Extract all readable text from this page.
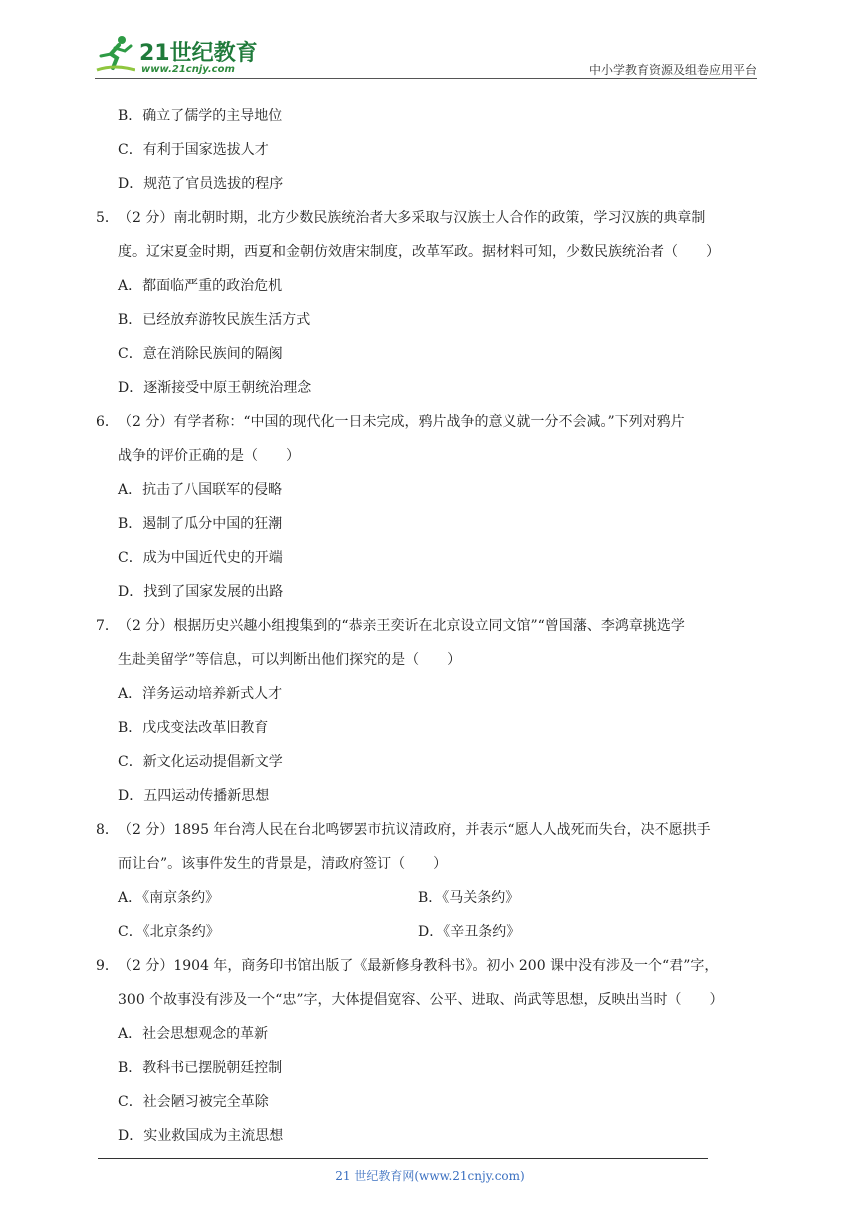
21世纪教育
www.21cnjy.com	中小学教育资源及组卷应用平台
B．确立了儒学的主导地位
C．有利于国家选拔人才
D．规范了官员选拔的程序
5． （2 分）南北朝时期，北方少数民族统治者大多采取与汉族士人合作的政策，学习汉族的典章制
度。辽宋夏金时期，西夏和金朝仿效唐宋制度，改革军政。据材料可知，少数民族统治者（　　）
A．都面临严重的政治危机
B．已经放弃游牧民族生活方式
C．意在消除民族间的隔阂
D．逐渐接受中原王朝统治理念
6． （2 分）有学者称：“中国的现代化一日未完成，鸦片战争的意义就一分不会减。”下列对鸦片
战争的评价正确的是（　　）
A．抗击了八国联军的侵略
B．遏制了瓜分中国的狂潮
C．成为中国近代史的开端
D．找到了国家发展的出路
7． （2 分）根据历史兴趣小组搜集到的“恭亲王奕䜣在北京设立同文馆”“曾国藩、李鸿章挑选学
生赴美留学”等信息，可以判断出他们探究的是（　　）
A．洋务运动培养新式人才
B．戊戌变法改革旧教育
C．新文化运动提倡新文学
D．五四运动传播新思想
8． （2 分）1895 年台湾人民在台北鸣锣罢市抗议清政府，并表示“愿人人战死而失台，决不愿拱手
而让台”。该事件发生的背景是，清政府签订（　　）
A．《南京条约》	B．《马关条约》
C．《北京条约》	D．《辛丑条约》
9． （2 分）1904 年，商务印书馆出版了《最新修身教科书》。初小 200 课中没有涉及一个“君”字，
300 个故事没有涉及一个“忠”字，大体提倡宽容、公平、进取、尚武等思想，反映出当时（　　）
A．社会思想观念的革新
B．教科书已摆脱朝廷控制
C．社会陋习被完全革除
D．实业救国成为主流思想
21 世纪教育网(www.21cnjy.com)
